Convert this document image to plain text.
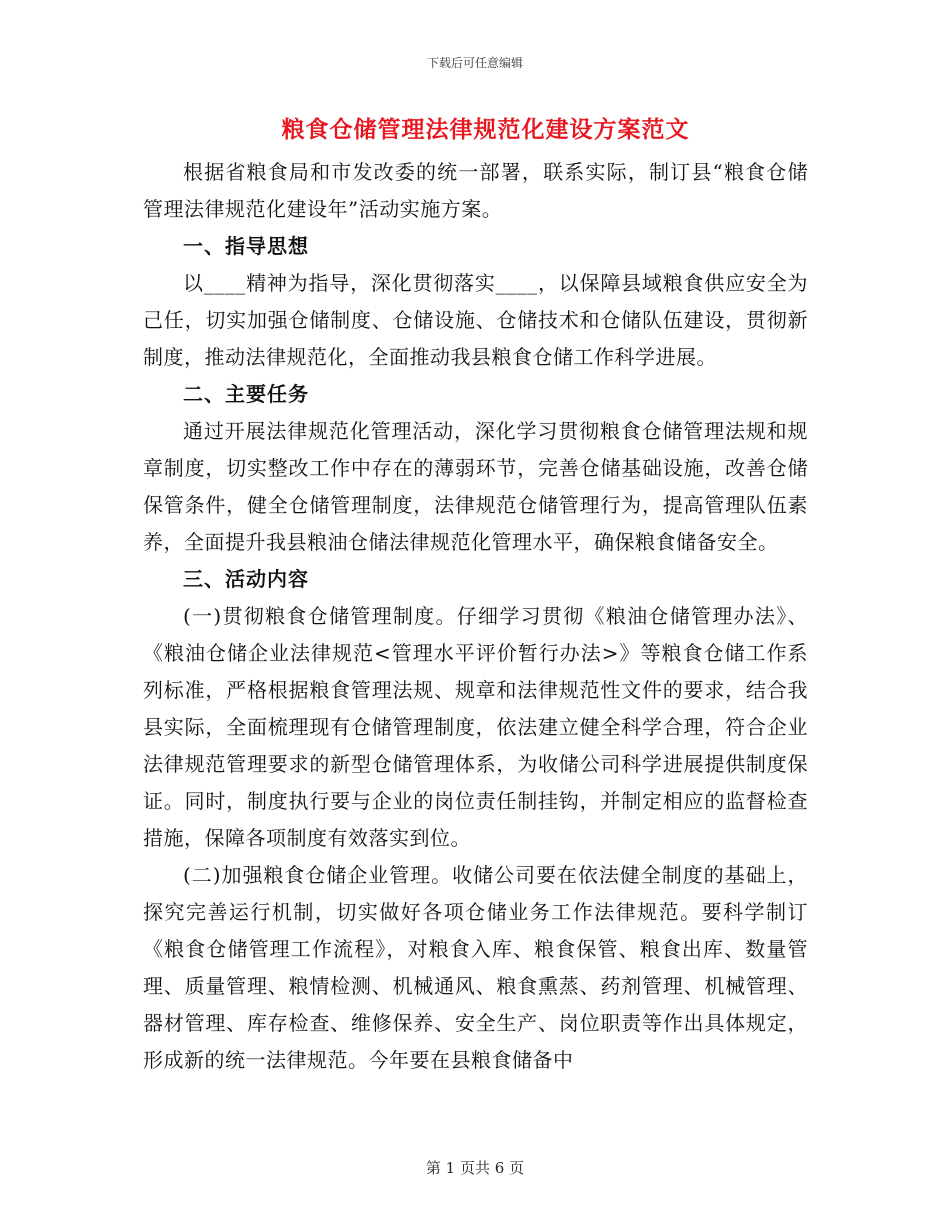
下载后可任意编辑
粮食仓储管理法律规范化建设方案范文

根据省粮食局和市发改委的统一部署，联系实际，制订县“粮食仓储管理法律规范化建设年”活动实施方案。

一、指导思想

以____精神为指导，深化贯彻落实____，以保障县域粮食供应安全为己任，切实加强仓储制度、仓储设施、仓储技术和仓储队伍建设，贯彻新制度，推动法律规范化，全面推动我县粮食仓储工作科学进展。

二、主要任务

通过开展法律规范化管理活动，深化学习贯彻粮食仓储管理法规和规章制度，切实整改工作中存在的薄弱环节，完善仓储基础设施，改善仓储保管条件，健全仓储管理制度，法律规范仓储管理行为，提高管理队伍素养，全面提升我县粮油仓储法律规范化管理水平，确保粮食储备安全。

三、活动内容

(一)贯彻粮食仓储管理制度。仔细学习贯彻《粮油仓储管理办法》、《粮油仓储企业法律规范<管理水平评价暂行办法>》等粮食仓储工作系列标准，严格根据粮食管理法规、规章和法律规范性文件的要求，结合我县实际，全面梳理现有仓储管理制度，依法建立健全科学合理，符合企业法律规范管理要求的新型仓储管理体系，为收储公司科学进展提供制度保证。同时，制度执行要与企业的岗位责任制挂钩，并制定相应的监督检查措施，保障各项制度有效落实到位。

(二)加强粮食仓储企业管理。收储公司要在依法健全制度的基础上，探究完善运行机制，切实做好各项仓储业务工作法律规范。要科学制订《粮食仓储管理工作流程》，对粮食入库、粮食保管、粮食出库、数量管理、质量管理、粮情检测、机械通风、粮食熏蒸、药剂管理、机械管理、器材管理、库存检查、维修保养、安全生产、岗位职责等作出具体规定，形成新的统一法律规范。今年要在县粮食储备中

第 1 页共 6 页
